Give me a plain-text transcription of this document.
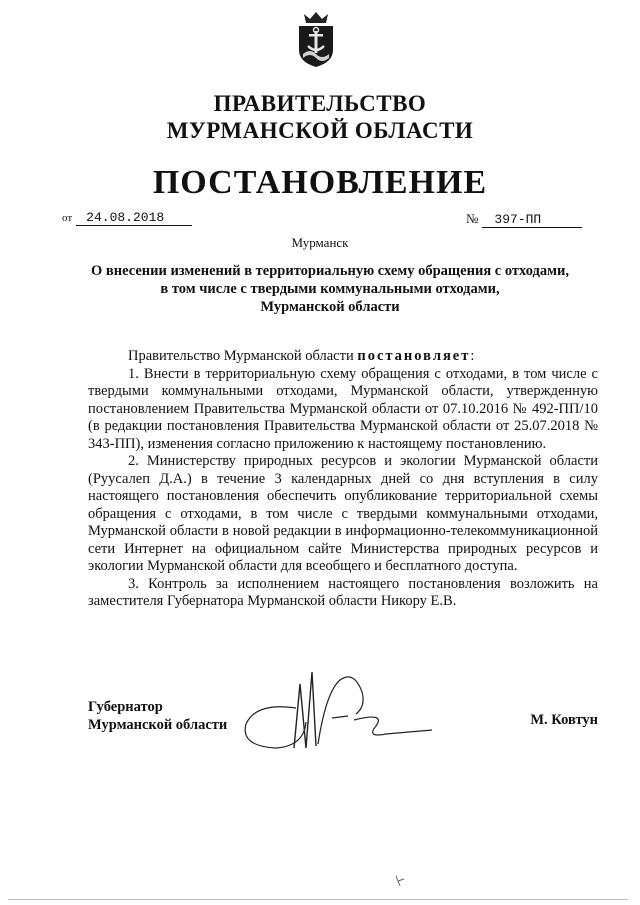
ПРАВИТЕЛЬСТВО
МУРМАНСКОЙ ОБЛАСТИ
ПОСТАНОВЛЕНИЕ
от 24.08.2018	№ 397-ПП
Мурманск
О внесении изменений в территориальную схему обращения с отходами,
в том числе с твердыми коммунальными отходами,
Мурманской области

Правительство Мурманской области постановляет:

1. Внести в территориальную схему обращения с отходами, в том числе с твердыми коммунальными отходами, Мурманской области, утвержденную постановлением Правительства Мурманской области от 07.10.2016 № 492-ПП/10 (в редакции постановления Правительства Мурманской области от 25.07.2018 № 343-ПП), изменения согласно приложению к настоящему постановлению.

2. Министерству природных ресурсов и экологии Мурманской области (Руусалеп Д.А.) в течение 3 календарных дней со дня вступления в силу настоящего постановления обеспечить опубликование территориальной схемы обращения с отходами, в том числе с твердыми коммунальными отходами, Мурманской области в новой редакции в информационно-телекоммуникационной сети Интернет на официальном сайте Министерства природных ресурсов и экологии Мурманской области для всеобщего и бесплатного доступа.

3. Контроль за исполнением настоящего постановления возложить на заместителя Губернатора Мурманской области Никору Е.В.

Губернатор
Мурманской области	М. Ковтун
